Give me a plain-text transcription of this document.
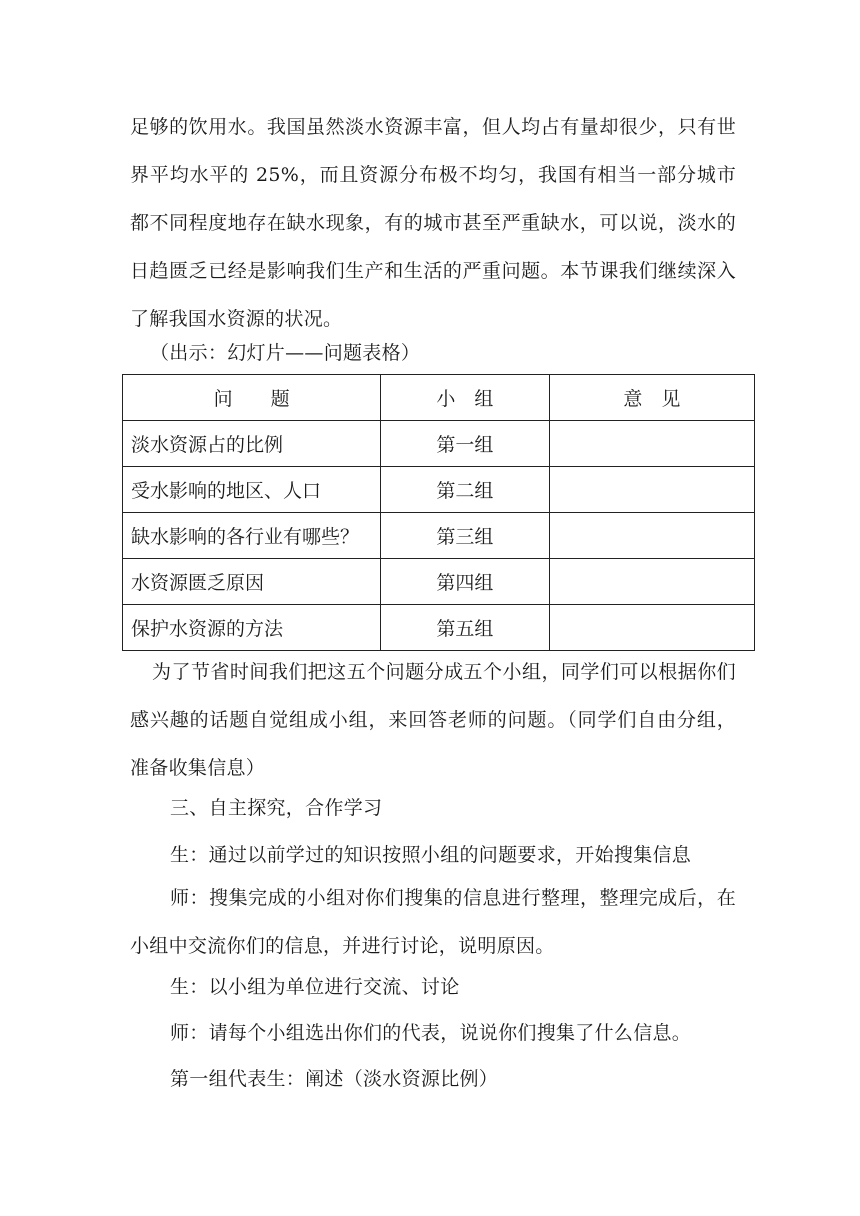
足够的饮用水。我国虽然淡水资源丰富，但人均占有量却很少，只有世界平均水平的 25%，而且资源分布极不均匀，我国有相当一部分城市都不同程度地存在缺水现象，有的城市甚至严重缺水，可以说，淡水的日趋匮乏已经是影响我们生产和生活的严重问题。本节课我们继续深入了解我国水资源的状况。

（出示：幻灯片——问题表格）
问　　题	小　组	意　见
淡水资源占的比例	第一组	
受水影响的地区、人口	第二组	
缺水影响的各行业有哪些？	第三组	
水资源匮乏原因	第四组	
保护水资源的方法	第五组	

为了节省时间我们把这五个问题分成五个小组，同学们可以根据你们感兴趣的话题自觉组成小组，来回答老师的问题。（同学们自由分组，准备收集信息）

三、自主探究，合作学习
生：通过以前学过的知识按照小组的问题要求，开始搜集信息

师：搜集完成的小组对你们搜集的信息进行整理，整理完成后，在小组中交流你们的信息，并进行讨论，说明原因。

生：以小组为单位进行交流、讨论
师：请每个小组选出你们的代表，说说你们搜集了什么信息。
第一组代表生：阐述（淡水资源比例）
